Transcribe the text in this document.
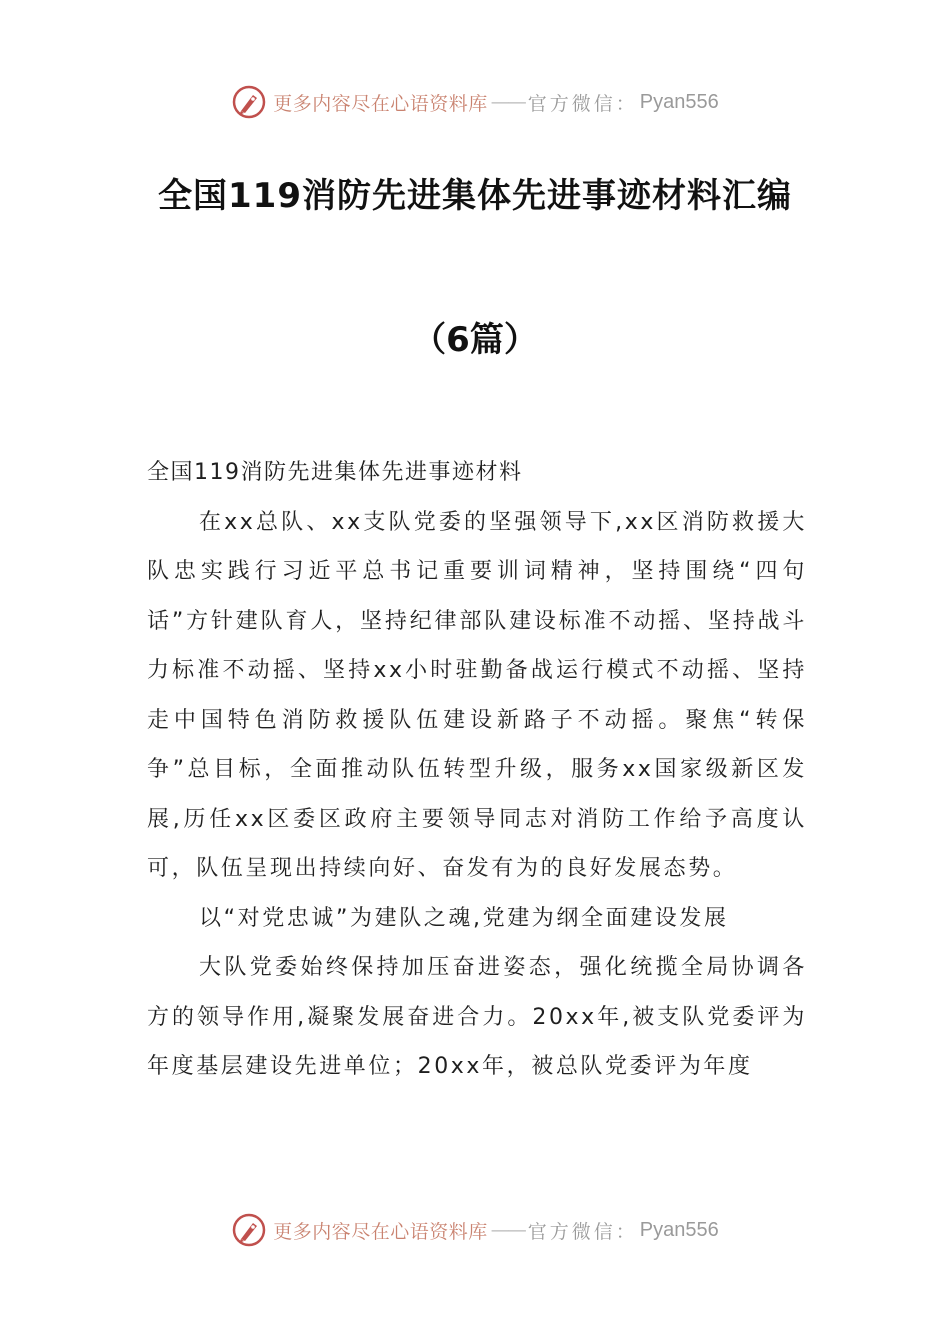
更多内容尽在心语资料库 —— 官方微信： Pyan556
全国119消防先进集体先进事迹材料汇编
（6篇）

全国119消防先进集体先进事迹材料

在xx总队、xx支队党委的坚强领导下,xx区消防救援大队忠实践行习近平总书记重要训词精神，坚持围绕“四句话”方针建队育人，坚持纪律部队建设标准不动摇、坚持战斗力标准不动摇、坚持xx小时驻勤备战运行模式不动摇、坚持走中国特色消防救援队伍建设新路子不动摇。聚焦“转保争”总目标，全面推动队伍转型升级，服务xx国家级新区发展,历任xx区委区政府主要领导同志对消防工作给予高度认可，队伍呈现出持续向好、奋发有为的良好发展态势。

以“对党忠诚”为建队之魂,党建为纲全面建设发展

大队党委始终保持加压奋进姿态，强化统揽全局协调各方的领导作用,凝聚发展奋进合力。20xx年,被支队党委评为年度基层建设先进单位；20xx年，被总队党委评为年度

更多内容尽在心语资料库 —— 官方微信： Pyan556
